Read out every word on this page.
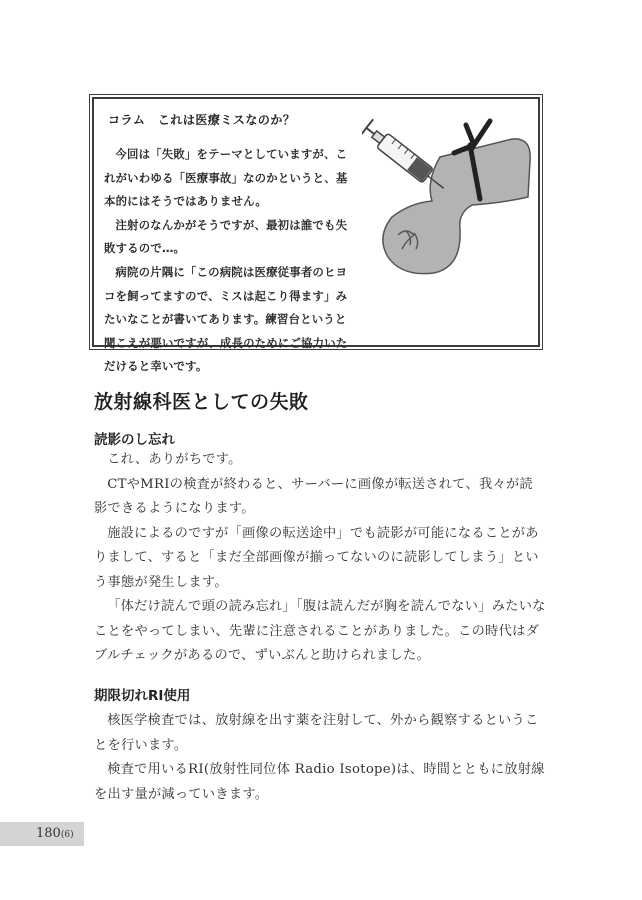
コラム　これは医療ミスなのか？

今回は「失敗」をテーマとしていますが、これがいわゆる「医療事故」なのかというと、基本的にはそうではありません。

注射のなんかがそうですが、最初は誰でも失敗するので…。

病院の片隅に「この病院は医療従事者のヒヨコを飼ってますので、ミスは起こり得ます」みたいなことが書いてあります。練習台というと聞こえが悪いですが、成長のためにご協力いただけると幸いです。

放射線科医としての失敗
読影のし忘れ

これ、ありがちです。

CTやMRIの検査が終わると、サーバーに画像が転送されて、我々が読影できるようになります。

施設によるのですが「画像の転送途中」でも読影が可能になることがありまして、すると「まだ全部画像が揃ってないのに読影してしまう」という事態が発生します。

「体だけ読んで頭の読み忘れ」「腹は読んだが胸を読んでない」みたいなことをやってしまい、先輩に注意されることがありました。この時代はダブルチェックがあるので、ずいぶんと助けられました。

期限切れRI使用

核医学検査では、放射線を出す薬を注射して、外から観察するということを行います。

検査で用いるRI(放射性同位体 Radio Isotope)は、時間とともに放射線を出す量が減っていきます。

180(6)
